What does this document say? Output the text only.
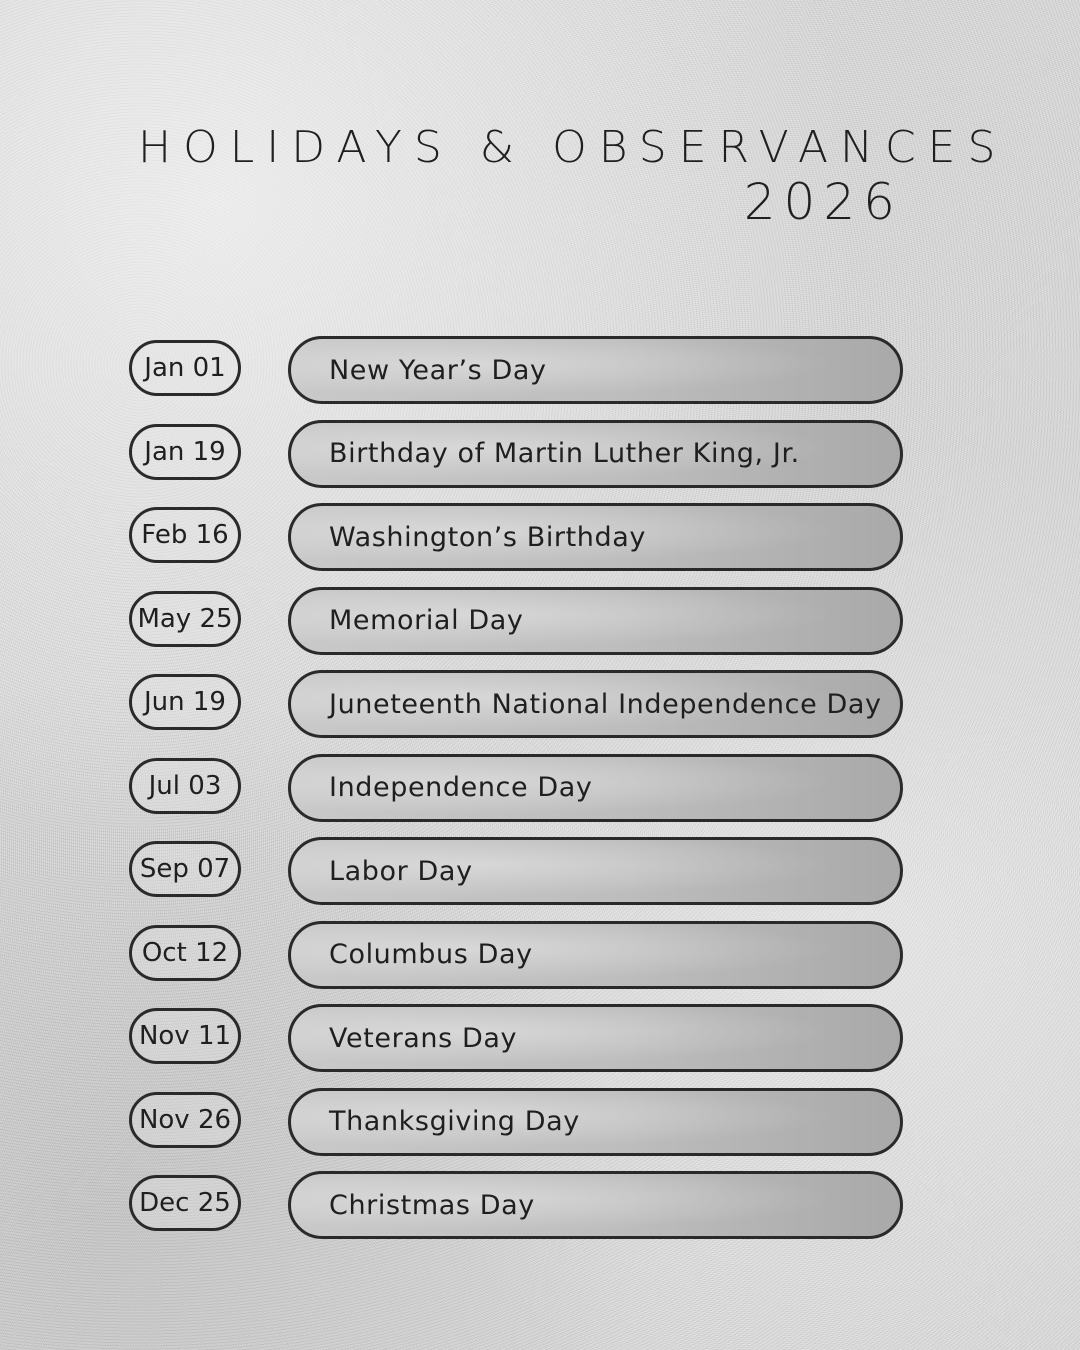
HOLIDAYS & OBSERVANCES
2026
Jan 01	New Year’s Day
Jan 19	Birthday of Martin Luther King, Jr.
Feb 16	Washington’s Birthday
May 25	Memorial Day
Jun 19	Juneteenth National Independence Day
Jul 03	Independence Day
Sep 07	Labor Day
Oct 12	Columbus Day
Nov 11	Veterans Day
Nov 26	Thanksgiving Day
Dec 25	Christmas Day
